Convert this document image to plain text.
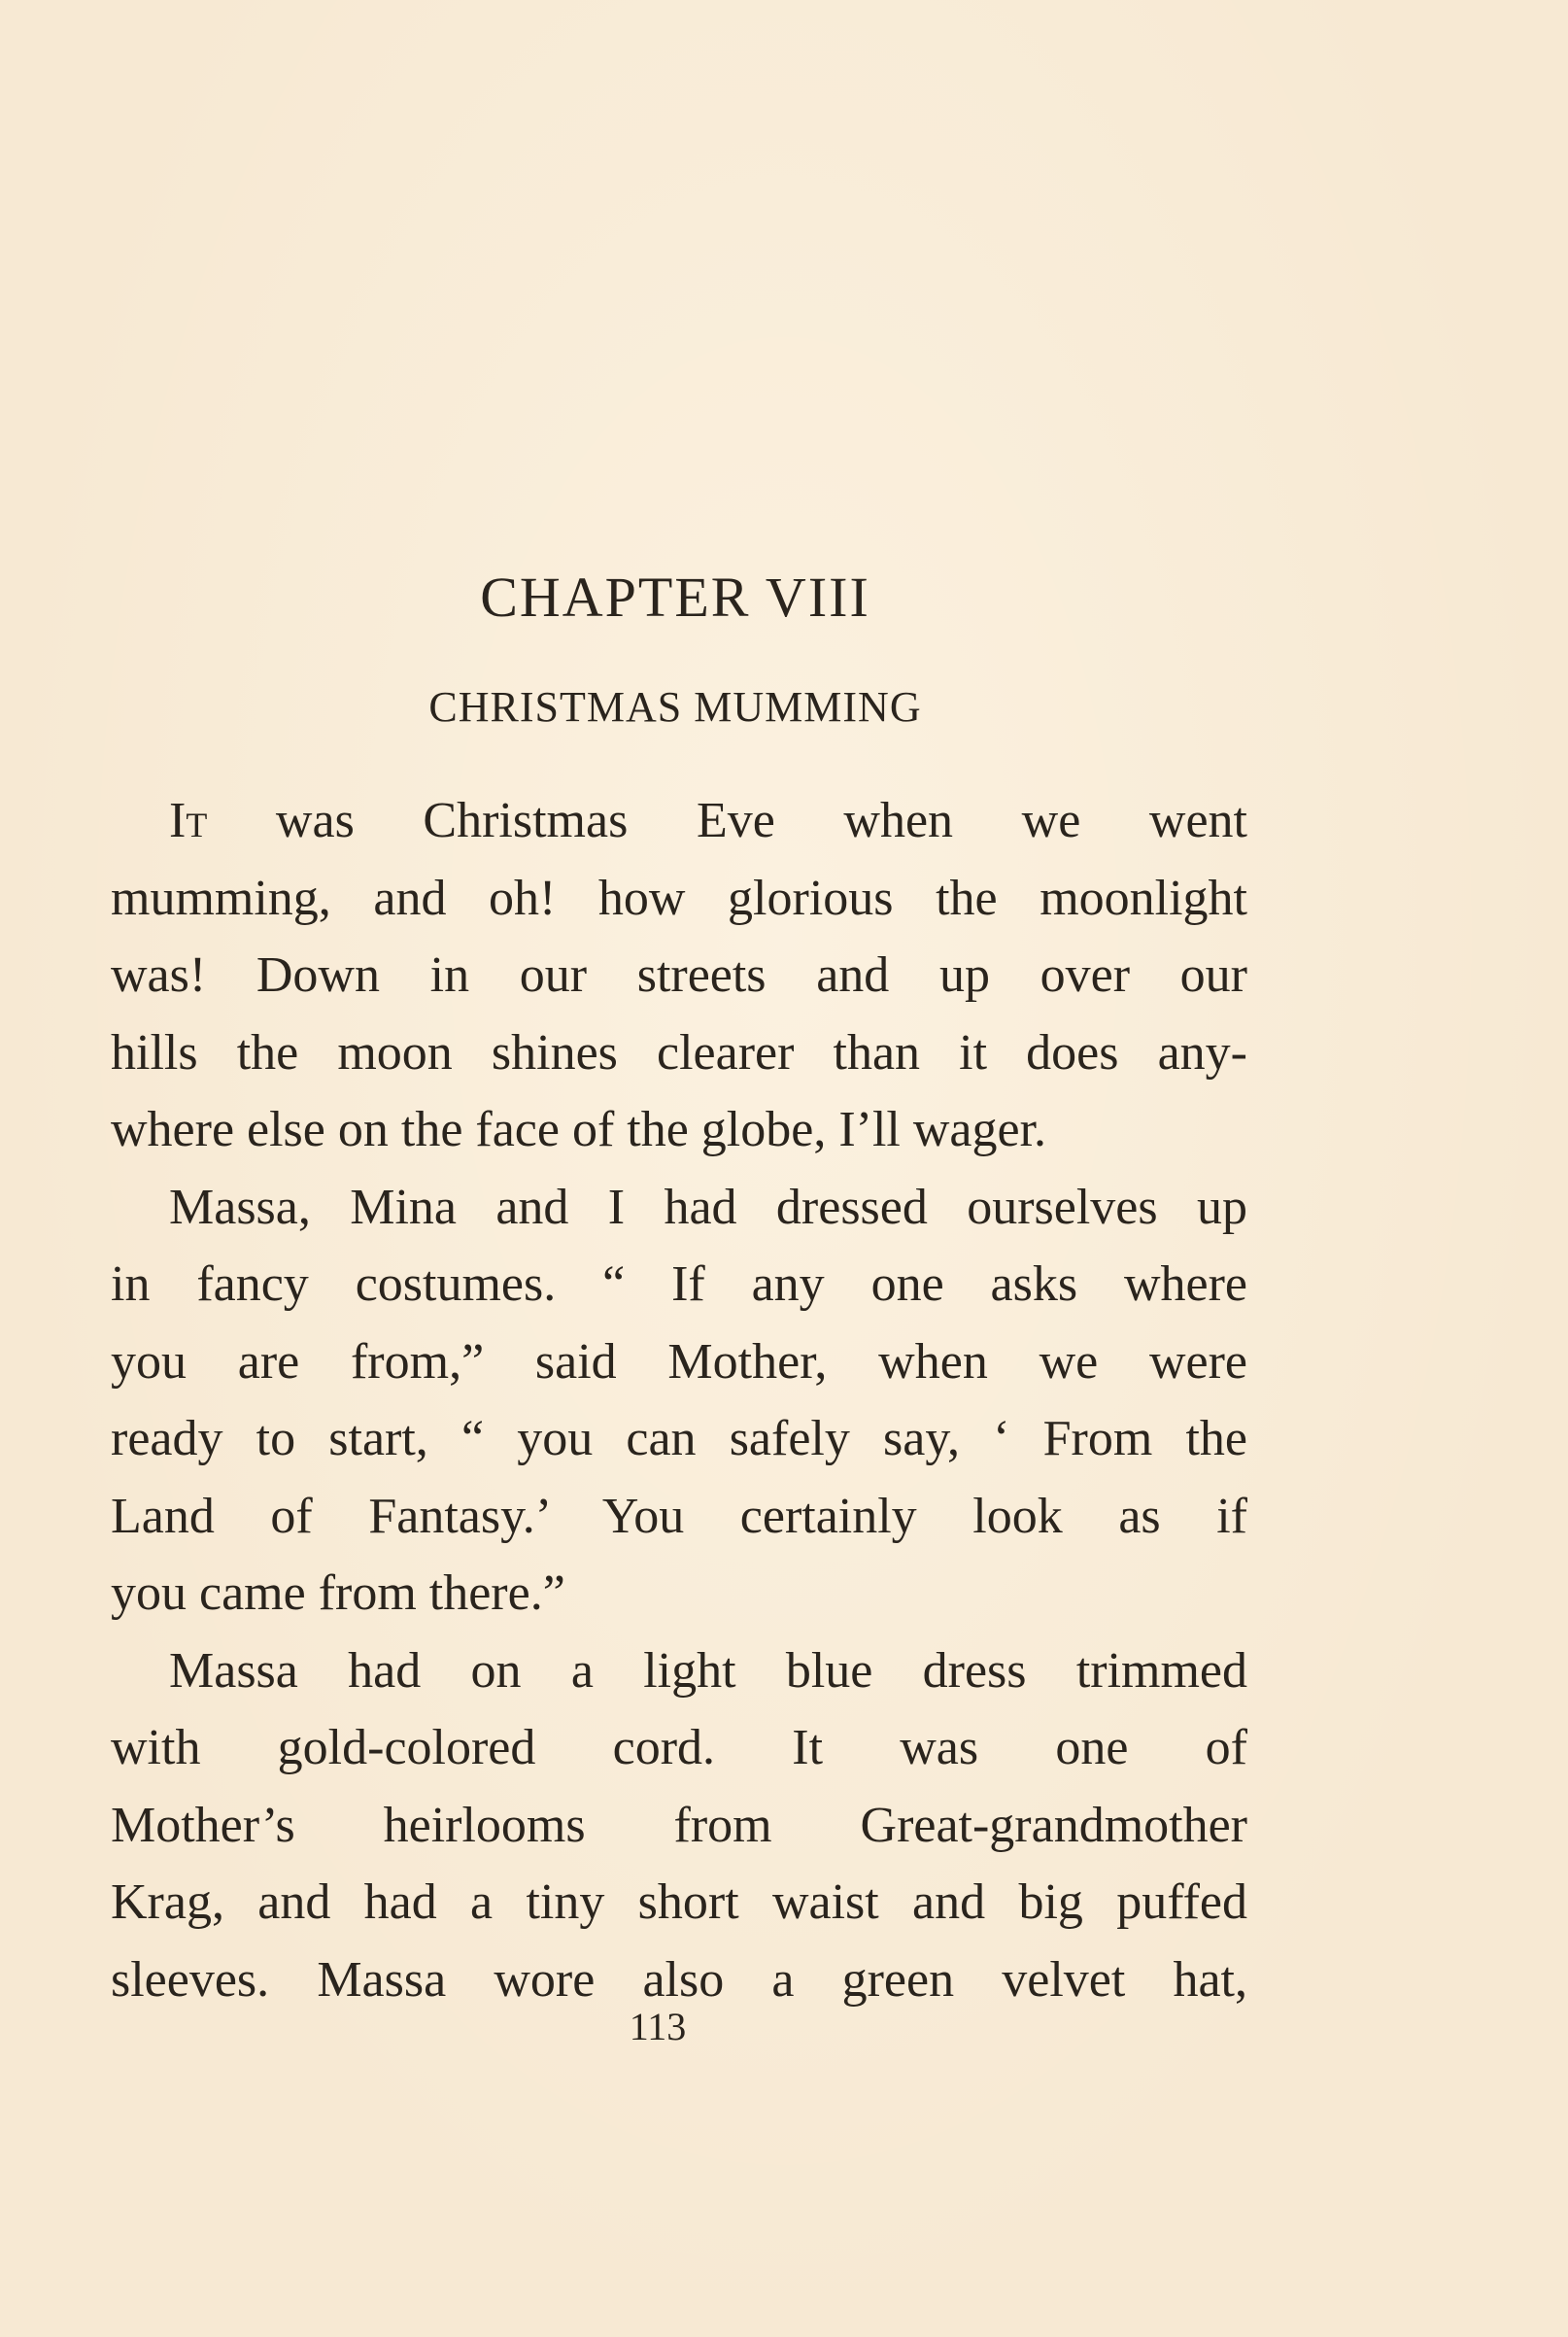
CHAPTER VIII
CHRISTMAS MUMMING
It was Christmas Eve when we went
mumming, and oh! how glorious the moonlight
was! Down in our streets and up over our
hills the moon shines clearer than it does any-
where else on the face of the globe, I’ll wager.
Massa, Mina and I had dressed ourselves up
in fancy costumes. “ If any one asks where
you are from,” said Mother, when we were
ready to start, “ you can safely say, ‘ From the
Land of Fantasy.’ You certainly look as if
you came from there.”
Massa had on a light blue dress trimmed
with gold-colored cord. It was one of
Mother’s heirlooms from Great-grandmother
Krag, and had a tiny short waist and big puffed
sleeves. Massa wore also a green velvet hat,
113
